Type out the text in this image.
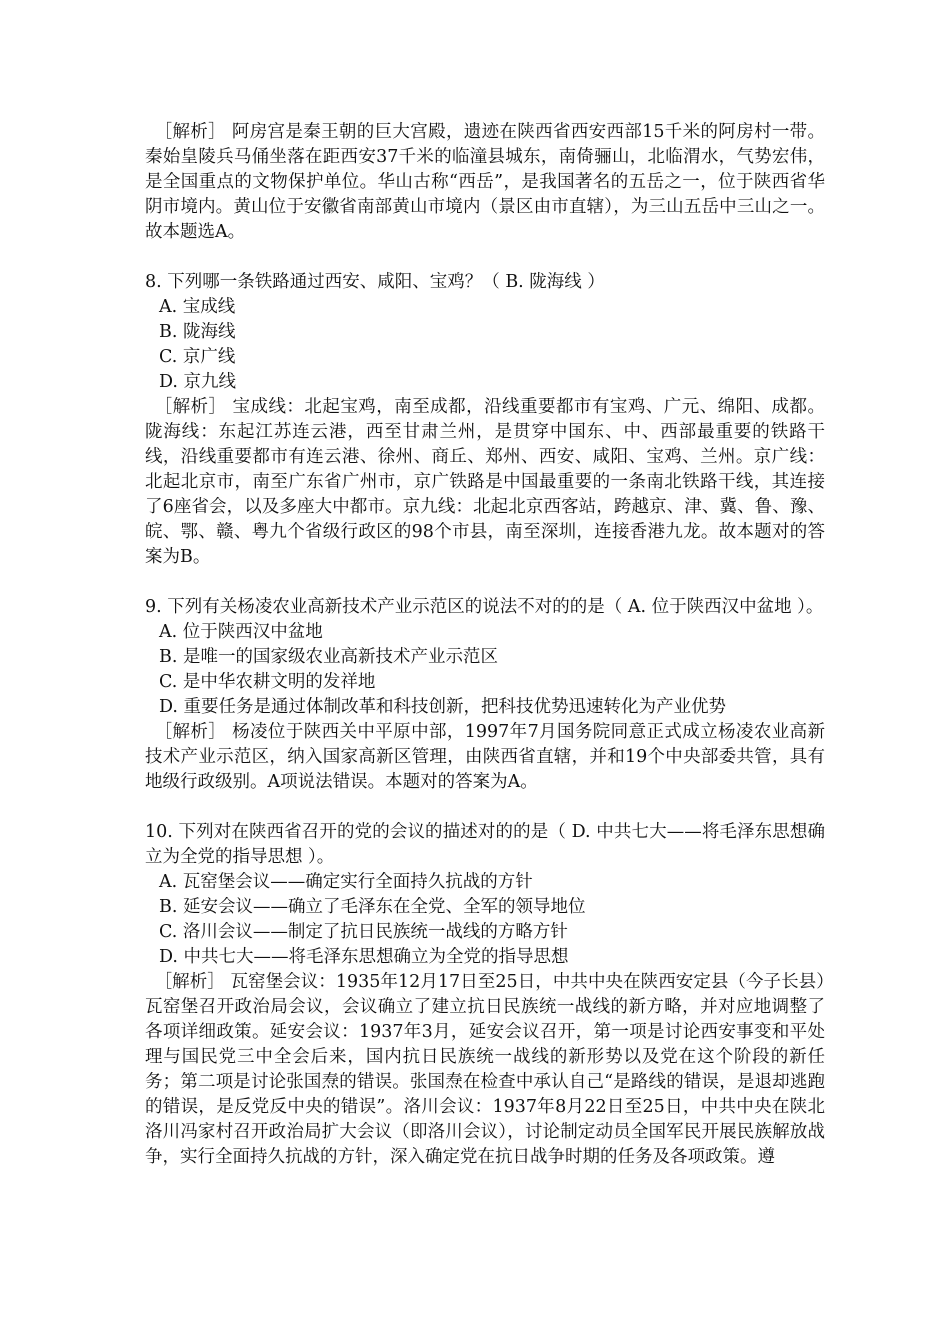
［解析］ 阿房宫是秦王朝的巨大宫殿，遗迹在陕西省西安西部15千米的阿房村一带。秦始皇陵兵马俑坐落在距西安37千米的临潼县城东，南倚骊山，北临渭水，气势宏伟，是全国重点的文物保护单位。华山古称“西岳”，是我国著名的五岳之一，位于陕西省华阴市境内。黄山位于安徽省南部黄山市境内（景区由市直辖），为三山五岳中三山之一。故本题选A。

8. 下列哪一条铁路通过西安、咸阳、宝鸡？（ B. 陇海线 ）

A. 宝成线
B. 陇海线
C. 京广线
D. 京九线

［解析］ 宝成线：北起宝鸡，南至成都，沿线重要都市有宝鸡、广元、绵阳、成都。陇海线：东起江苏连云港，西至甘肃兰州，是贯穿中国东、中、西部最重要的铁路干线，沿线重要都市有连云港、徐州、商丘、郑州、西安、咸阳、宝鸡、兰州。京广线：北起北京市，南至广东省广州市，京广铁路是中国最重要的一条南北铁路干线，其连接了6座省会，以及多座大中都市。京九线：北起北京西客站，跨越京、津、冀、鲁、豫、皖、鄂、赣、粤九个省级行政区的98个市县，南至深圳，连接香港九龙。故本题对的答案为B。

9. 下列有关杨凌农业高新技术产业示范区的说法不对的的是（ A. 位于陕西汉中盆地 ）。

A. 位于陕西汉中盆地
B. 是唯一的国家级农业高新技术产业示范区
C. 是中华农耕文明的发祥地
D. 重要任务是通过体制改革和科技创新，把科技优势迅速转化为产业优势

［解析］ 杨凌位于陕西关中平原中部，1997年7月国务院同意正式成立杨凌农业高新技术产业示范区，纳入国家高新区管理，由陕西省直辖，并和19个中央部委共管，具有地级行政级别。A项说法错误。本题对的答案为A。

10. 下列对在陕西省召开的党的会议的描述对的的是（ D. 中共七大——将毛泽东思想确立为全党的指导思想 ）。

A. 瓦窑堡会议——确定实行全面持久抗战的方针
B. 延安会议——确立了毛泽东在全党、全军的领导地位
C. 洛川会议——制定了抗日民族统一战线的方略方针
D. 中共七大——将毛泽东思想确立为全党的指导思想

［解析］ 瓦窑堡会议：1935年12月17日至25日，中共中央在陕西安定县（今子长县）瓦窑堡召开政治局会议，会议确立了建立抗日民族统一战线的新方略，并对应地调整了各项详细政策。延安会议：1937年3月，延安会议召开，第一项是讨论西安事变和平处理与国民党三中全会后来，国内抗日民族统一战线的新形势以及党在这个阶段的新任务；第二项是讨论张国焘的错误。张国焘在检查中承认自己“是路线的错误，是退却逃跑的错误，是反党反中央的错误”。洛川会议：1937年8月22日至25日，中共中央在陕北洛川冯家村召开政治局扩大会议（即洛川会议），讨论制定动员全国军民开展民族解放战争，实行全面持久抗战的方针，深入确定党在抗日战争时期的任务及各项政策。遵
